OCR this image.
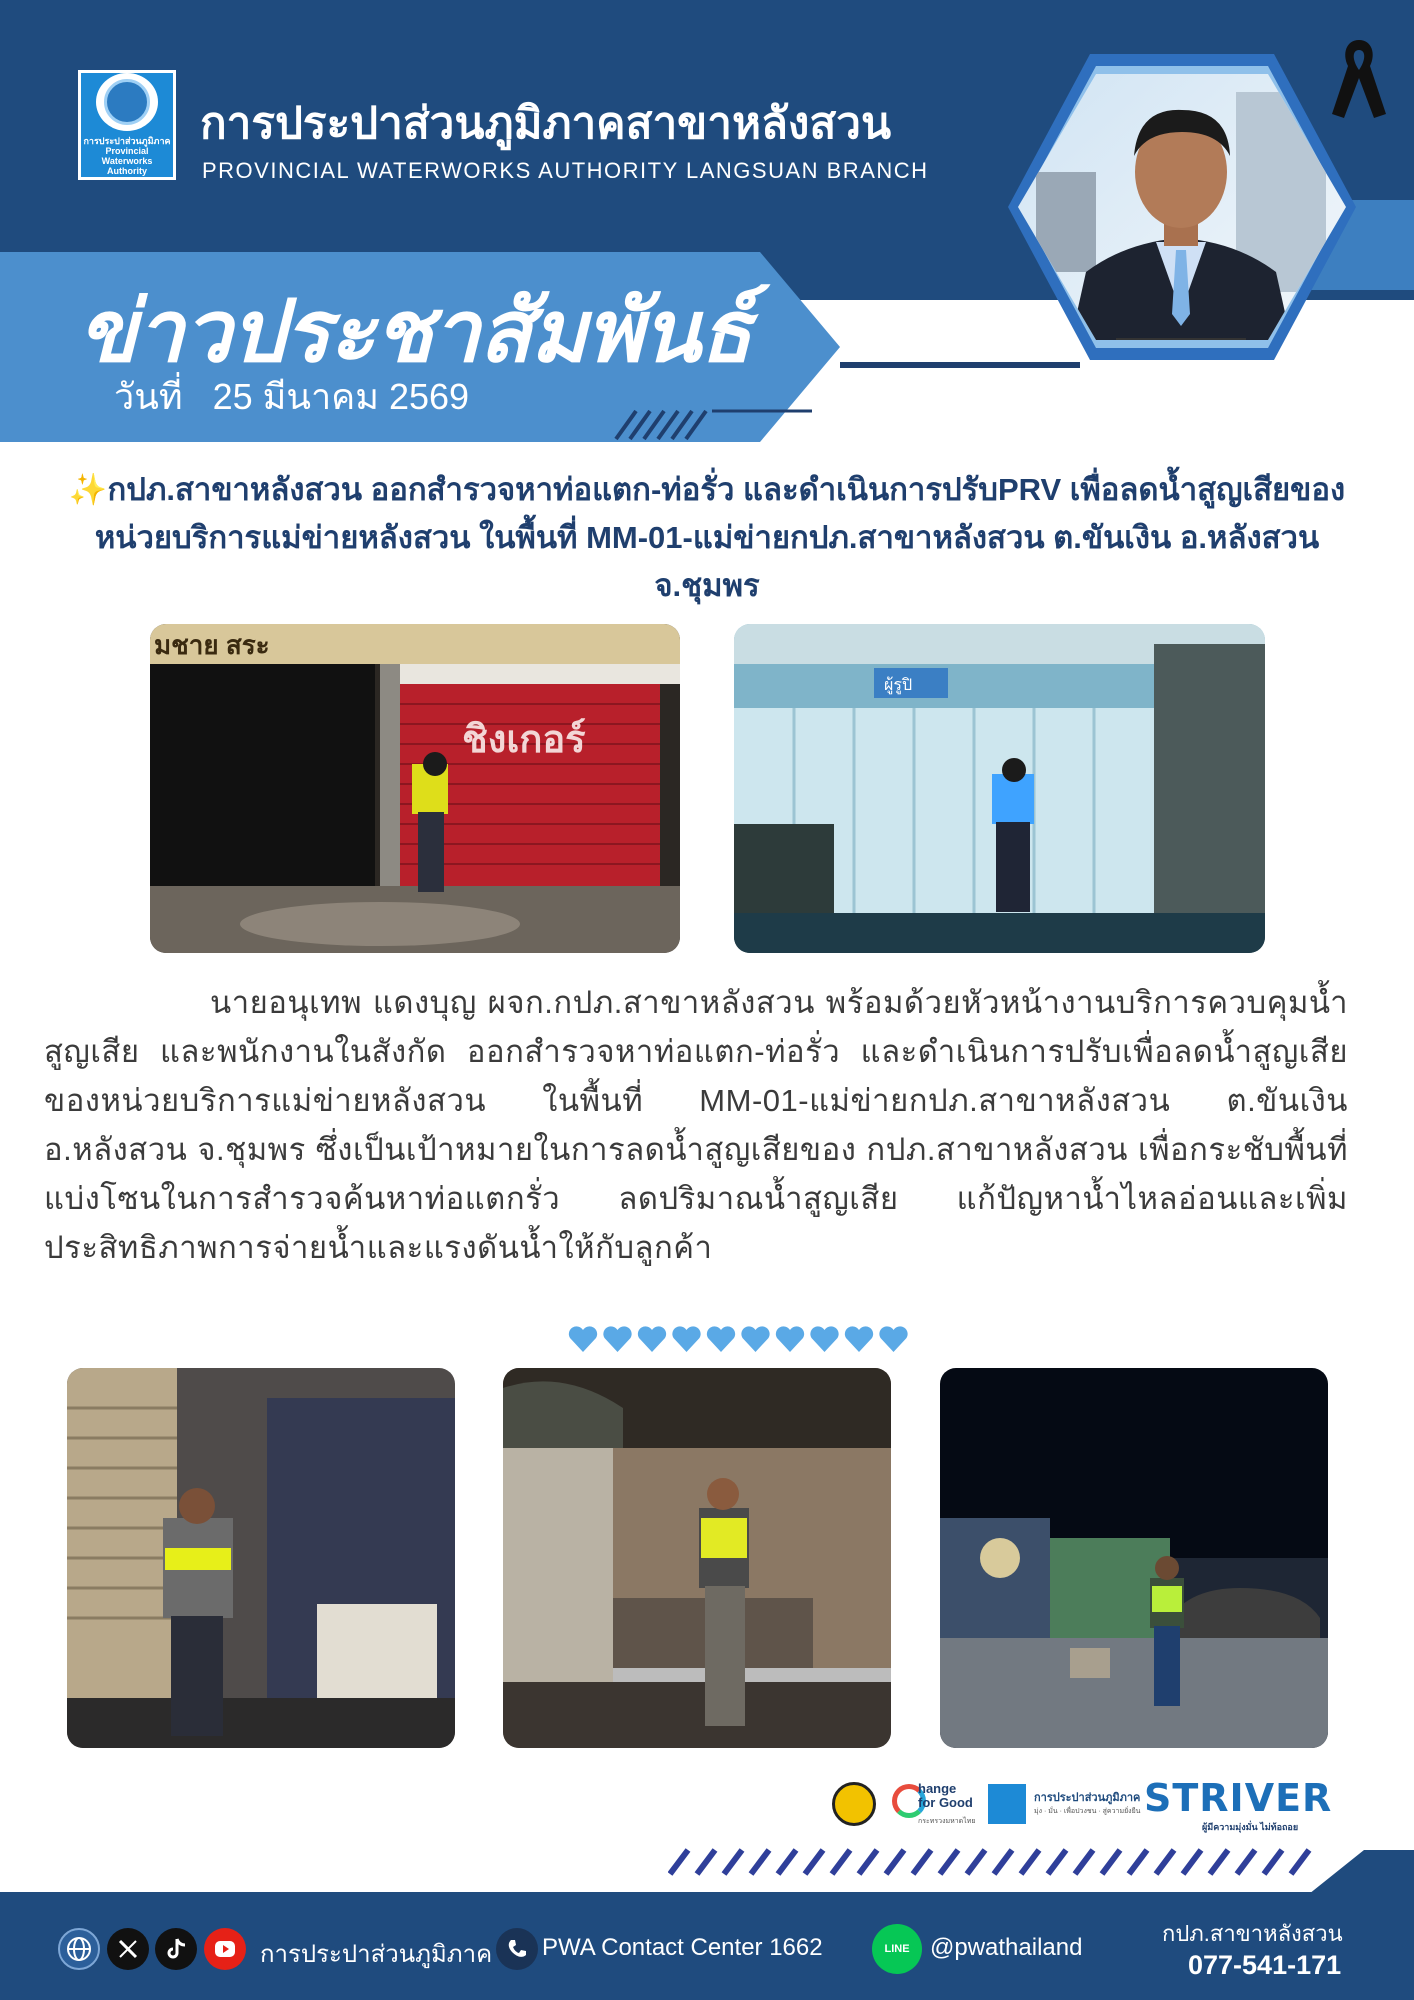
การประปาส่วนภูมิภาค
Provincial Waterworks Authority
การประปาส่วนภูมิภาคสาขาหลังสวน
PROVINCIAL WATERWORKS AUTHORITY LANGSUAN BRANCH
ข่าวประชาสัมพันธ์
วันที่ 25 มีนาคม 2569
✨กปภ.สาขาหลังสวน ออกสำรวจหาท่อแตก-ท่อรั่ว และดำเนินการปรับPRV เพื่อลดน้ำสูญเสียของหน่วยบริการแม่ข่ายหลังสวน ในพื้นที่ MM-01-แม่ข่ายกปภ.สาขาหลังสวน ต.ขันเงิน อ.หลังสวน จ.ชุมพร
มชาย สระ
ชิงเกอร์
ผู้รูปิ
นายอนุเทพ แดงบุญ ผจก.กปภ.สาขาหลังสวน พร้อมด้วยหัวหน้างานบริการควบคุมน้ำสูญเสีย และพนักงานในสังกัด ออกสำรวจหาท่อแตก-ท่อรั่ว และดำเนินการปรับเพื่อลดน้ำสูญเสียของหน่วยบริการแม่ข่ายหลังสวน ในพื้นที่ MM-01-แม่ข่ายกปภ.สาขาหลังสวน ต.ขันเงิน อ.หลังสวน จ.ชุมพร ซึ่งเป็นเป้าหมายในการลดน้ำสูญเสียของ กปภ.สาขาหลังสวน เพื่อกระชับพื้นที่แบ่งโซนในการสำรวจค้นหาท่อแตกรั่ว ลดปริมาณน้ำสูญเสีย แก้ปัญหาน้ำไหลอ่อนและเพิ่มประสิทธิภาพการจ่ายน้ำและแรงดันน้ำให้กับลูกค้า
hange
for Good
กระทรวงมหาดไทย
การประปาส่วนภูมิภาค
มุ่ง · มั่น · เพื่อปวงชน · สู่ความยั่งยืน STRIVER
ผู้มีความมุ่งมั่น ไม่ท้อถอย
การประปาส่วนภูมิภาค PWA Contact Center 1662	LINE @pwathailand
กปภ.สาขาหลังสวน
077-541-171
